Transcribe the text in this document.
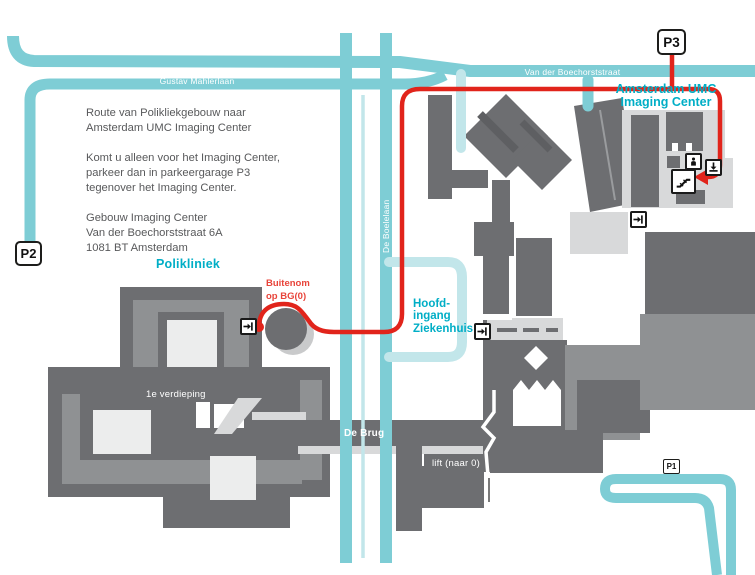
Route van Polikliekgebouw naar
Amsterdam UMC Imaging Center
Komt u alleen voor het Imaging Center,
parkeer dan in parkeergarage P3
tegenover het Imaging Center.
Gebouw Imaging Center
Van der Boechorststraat 6A
1081 BT Amsterdam
Gustav Mahlerlaan
Van der Boechorststraat
De Boelelaan
Polikliniek
Amsterdam UMC
Imaging Center
Hoofd-
ingang
Ziekenhuis
Buitenom
op BG(0)
1e verdieping
De Brug
lift (naar 0)
P2
P3
P1
